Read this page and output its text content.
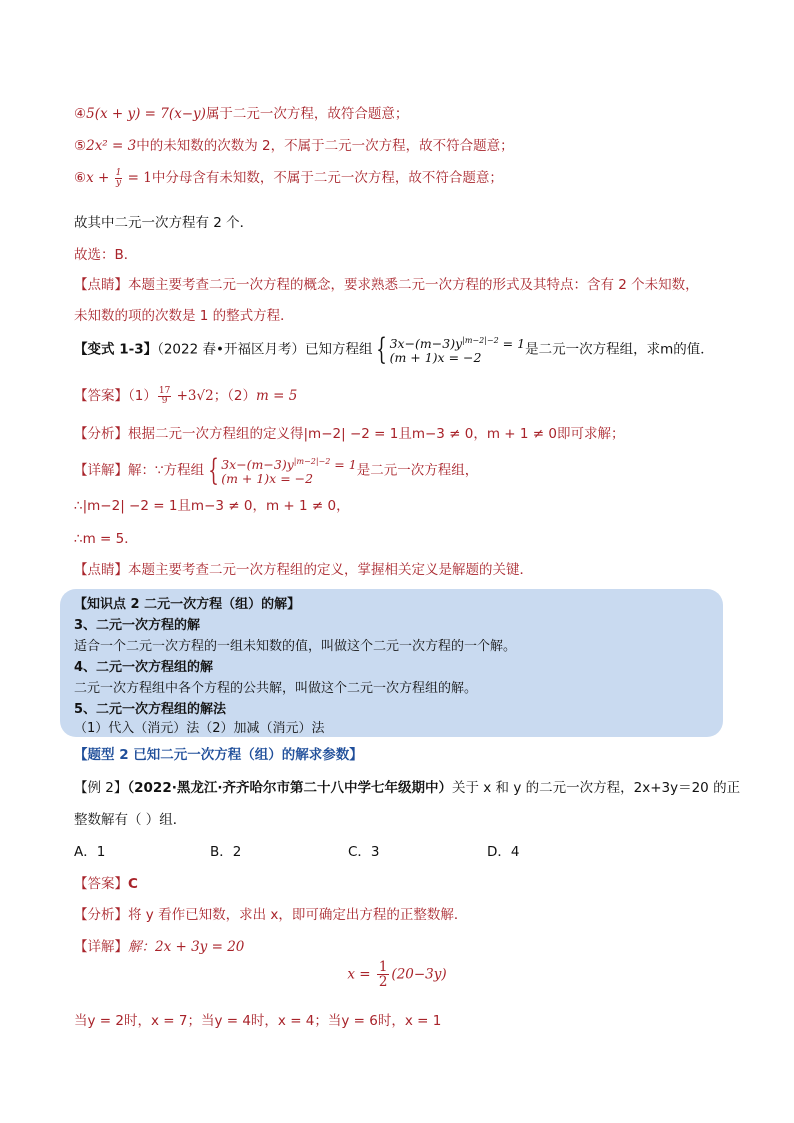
④5(x + y) = 7(x−y)属于二元一次方程，故符合题意；
⑤2x² = 3中的未知数的次数为 2，不属于二元一次方程，故不符合题意；
⑥x + $\frac{1}{y} = 1$中分母含有未知数，不属于二元一次方程，故不符合题意；
故其中二元一次方程有 2 个．
故选：B．
【点睛】本题主要考查二元一次方程的概念，要求熟悉二元一次方程的形式及其特点：含有 2 个未知数，
未知数的项的次数是 1 的整式方程．
【变式 1-3】（2022 春•开福区月考）已知方程组 { $3x-(m-3)y^{|m-2|-2} = 1$
(m + 1)x = −2
是二元一次方程组，求m的值．
【答案】$(1) \frac{17}{9} +3√2$；（2）m = 5
【分析】根据二元一次方程组的定义得|m−2| −2 = 1且m−3 ≠ 0，m + 1 ≠ 0即可求解；
【详解】解：∵方程组 { $3x-(m-3)y^{|m-2|-2} = 1$
(m + 1)x = −2
是二元一次方程组，
∴|m−2| −2 = 1且m−3 ≠ 0，m + 1 ≠ 0，
∴m = 5．
【点睛】本题主要考查二元一次方程组的定义，掌握相关定义是解题的关键．
【知识点 2 二元一次方程（组）的解】
3、二元一次方程的解
适合一个二元一次方程的一组未知数的值，叫做这个二元一次方程的一个解。
4、二元一次方程组的解
二元一次方程组中各个方程的公共解，叫做这个二元一次方程组的解。
5、二元一次方程组的解法
（1）代入（消元）法（2）加减（消元）法
【题型 2 已知二元一次方程（组）的解求参数】
【例 2】（2022·黑龙江·齐齐哈尔市第二十八中学七年级期中）关于 x 和 y 的二元一次方程，2x+3y＝20 的正
整数解有（ ）组．
A．1	B．2	C．3	D．4
【答案】C
【分析】将 y 看作已知数，求出 x，即可确定出方程的正整数解．
【详解】解：2x + 3y = 20
$x = \frac{1}{2} (20-3y)$
当y = 2时，x = 7；当y = 4时，x = 4；当y = 6时，x = 1
